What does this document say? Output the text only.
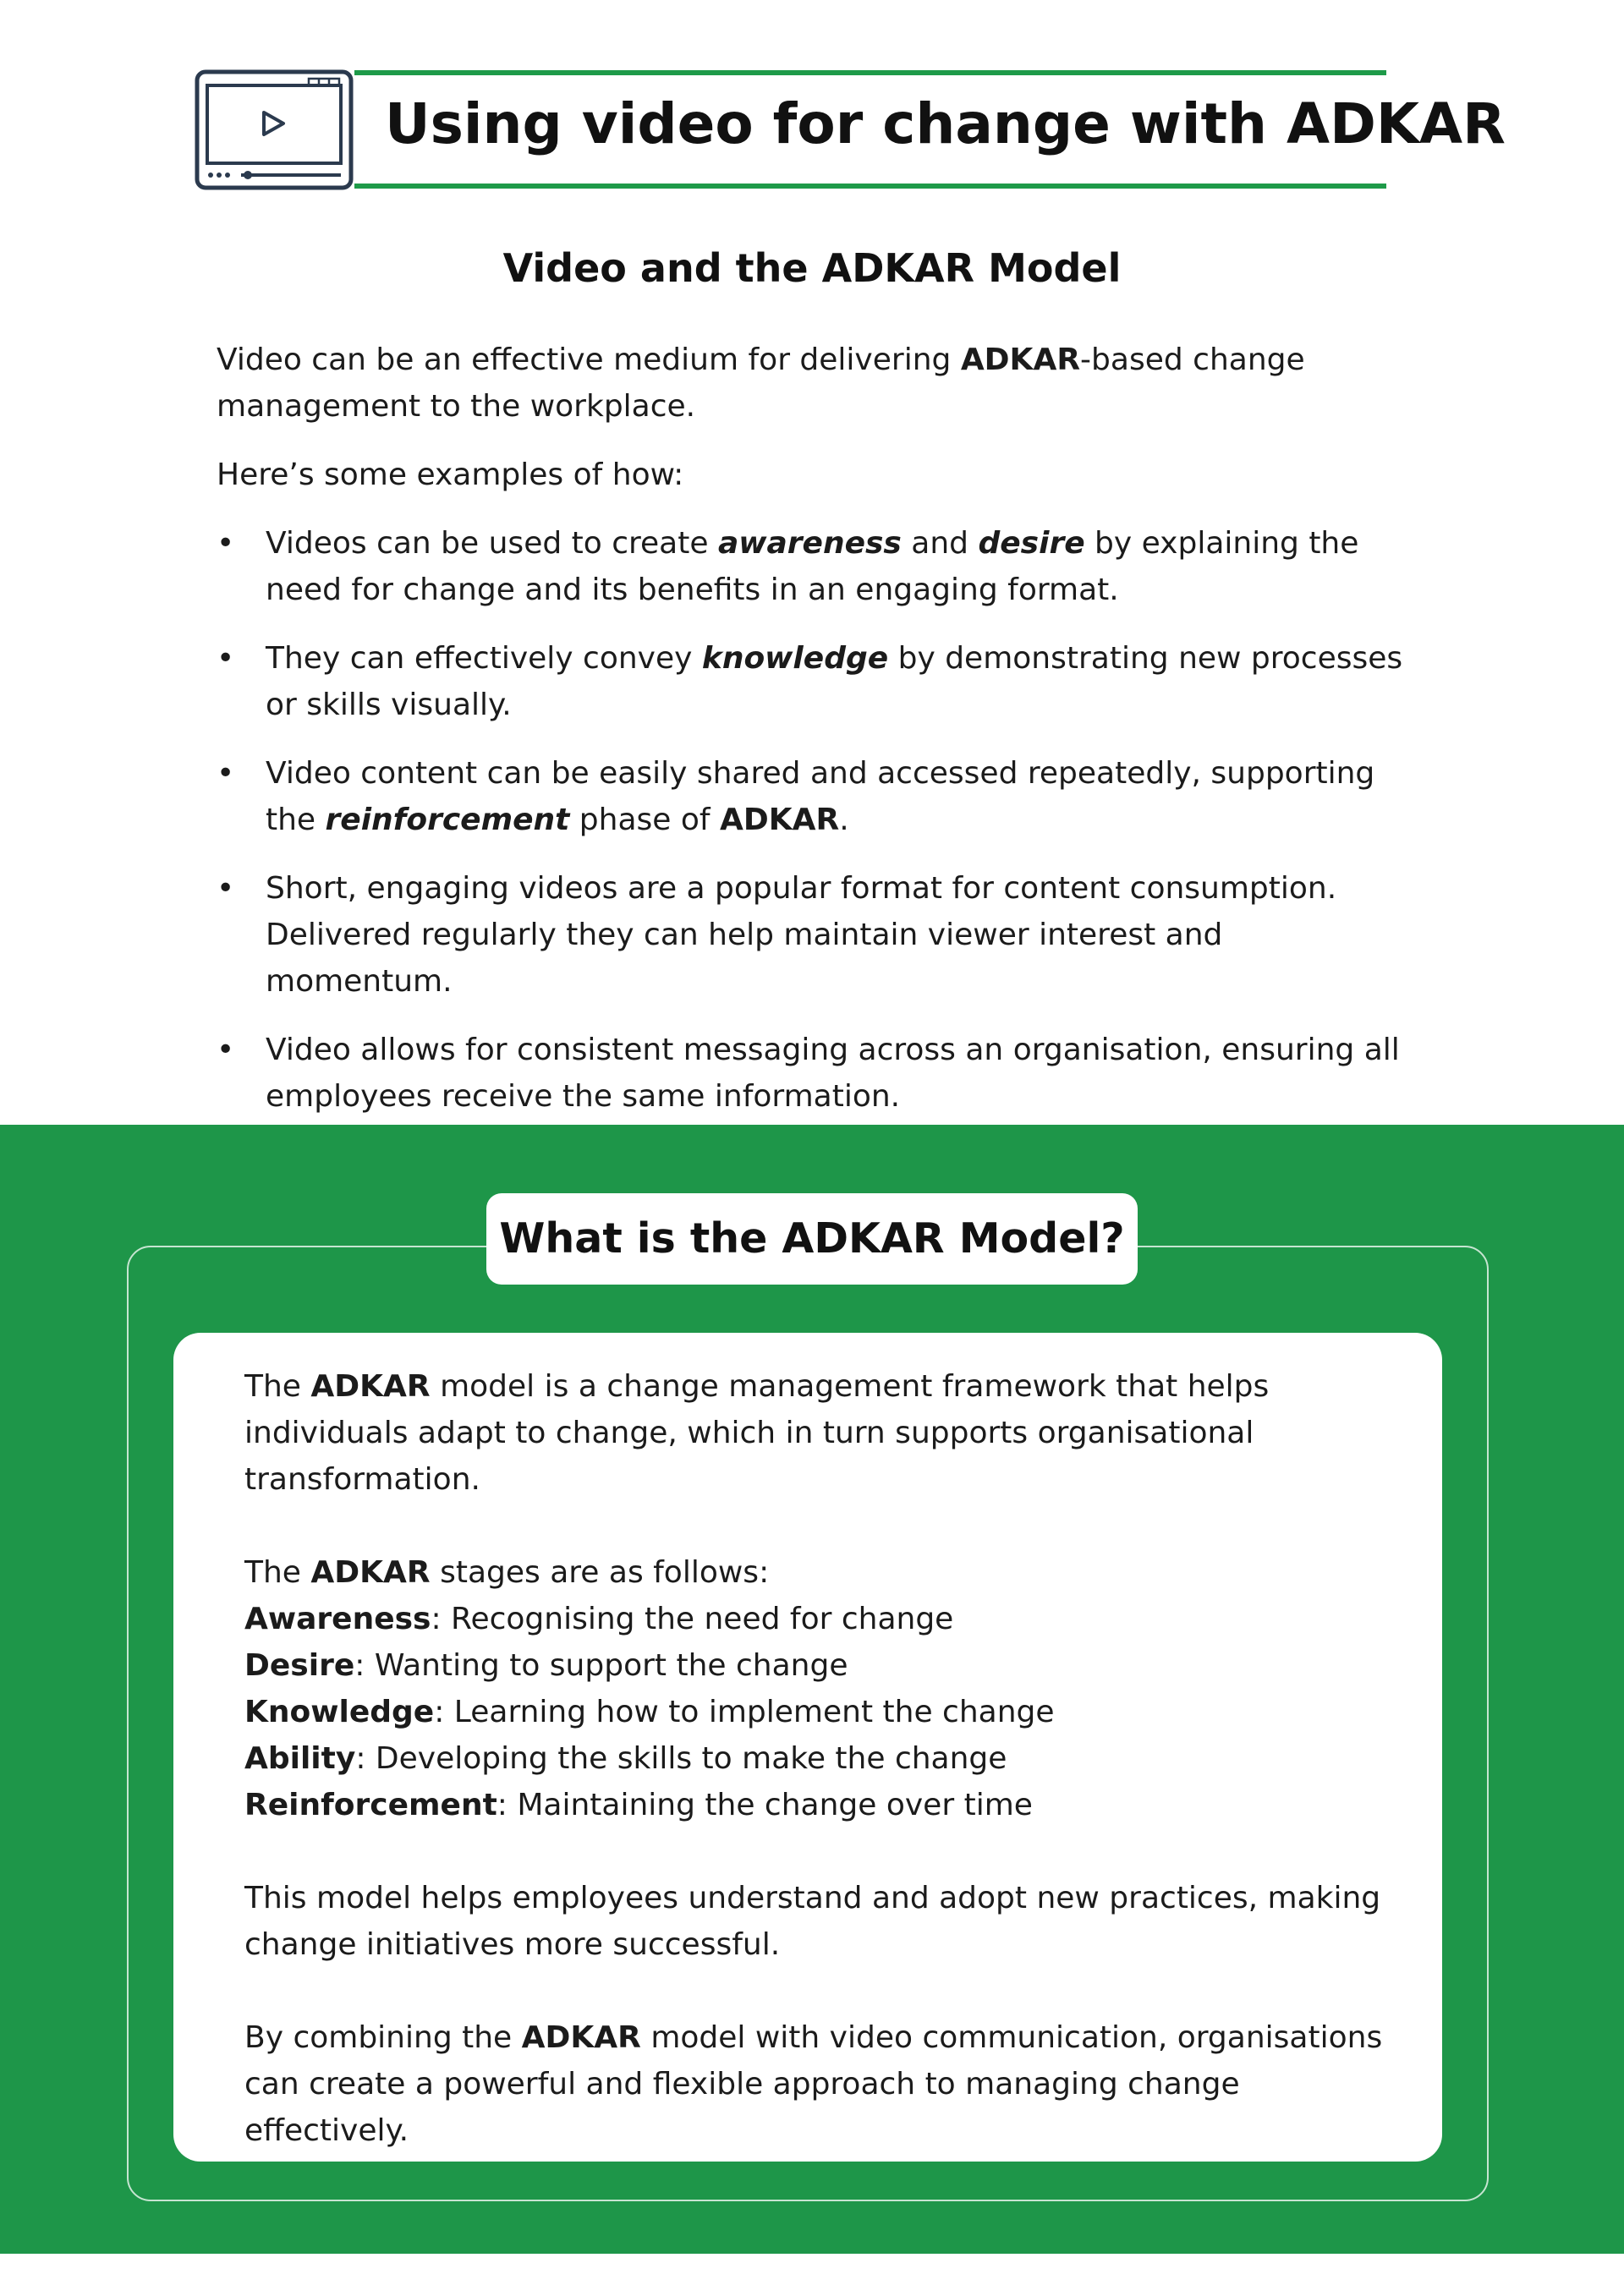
Using video for change with ADKAR
Video and the ADKAR Model

Video can be an effective medium for delivering ADKAR-based change management to the workplace.

Here’s some examples of how:

• Videos can be used to create awareness and desire by explaining the need for change and its benefits in an engaging format.
• They can effectively convey knowledge by demonstrating new processes or skills visually.
• Video content can be easily shared and accessed repeatedly, supporting the reinforcement phase of ADKAR.
• Short, engaging videos are a popular format for content consumption. Delivered regularly they can help maintain viewer interest and momentum.
• Video allows for consistent messaging across an organisation, ensuring all employees receive the same information.
What is the ADKAR Model?

The ADKAR model is a change management framework that helps individuals adapt to change, which in turn supports organisational transformation.

The ADKAR stages are as follows:
Awareness: Recognising the need for change
Desire: Wanting to support the change
Knowledge: Learning how to implement the change
Ability: Developing the skills to make the change
Reinforcement: Maintaining the change over time

This model helps employees understand and adopt new practices, making change initiatives more successful.

By combining the ADKAR model with video communication, organisations can create a powerful and flexible approach to managing change effectively.
